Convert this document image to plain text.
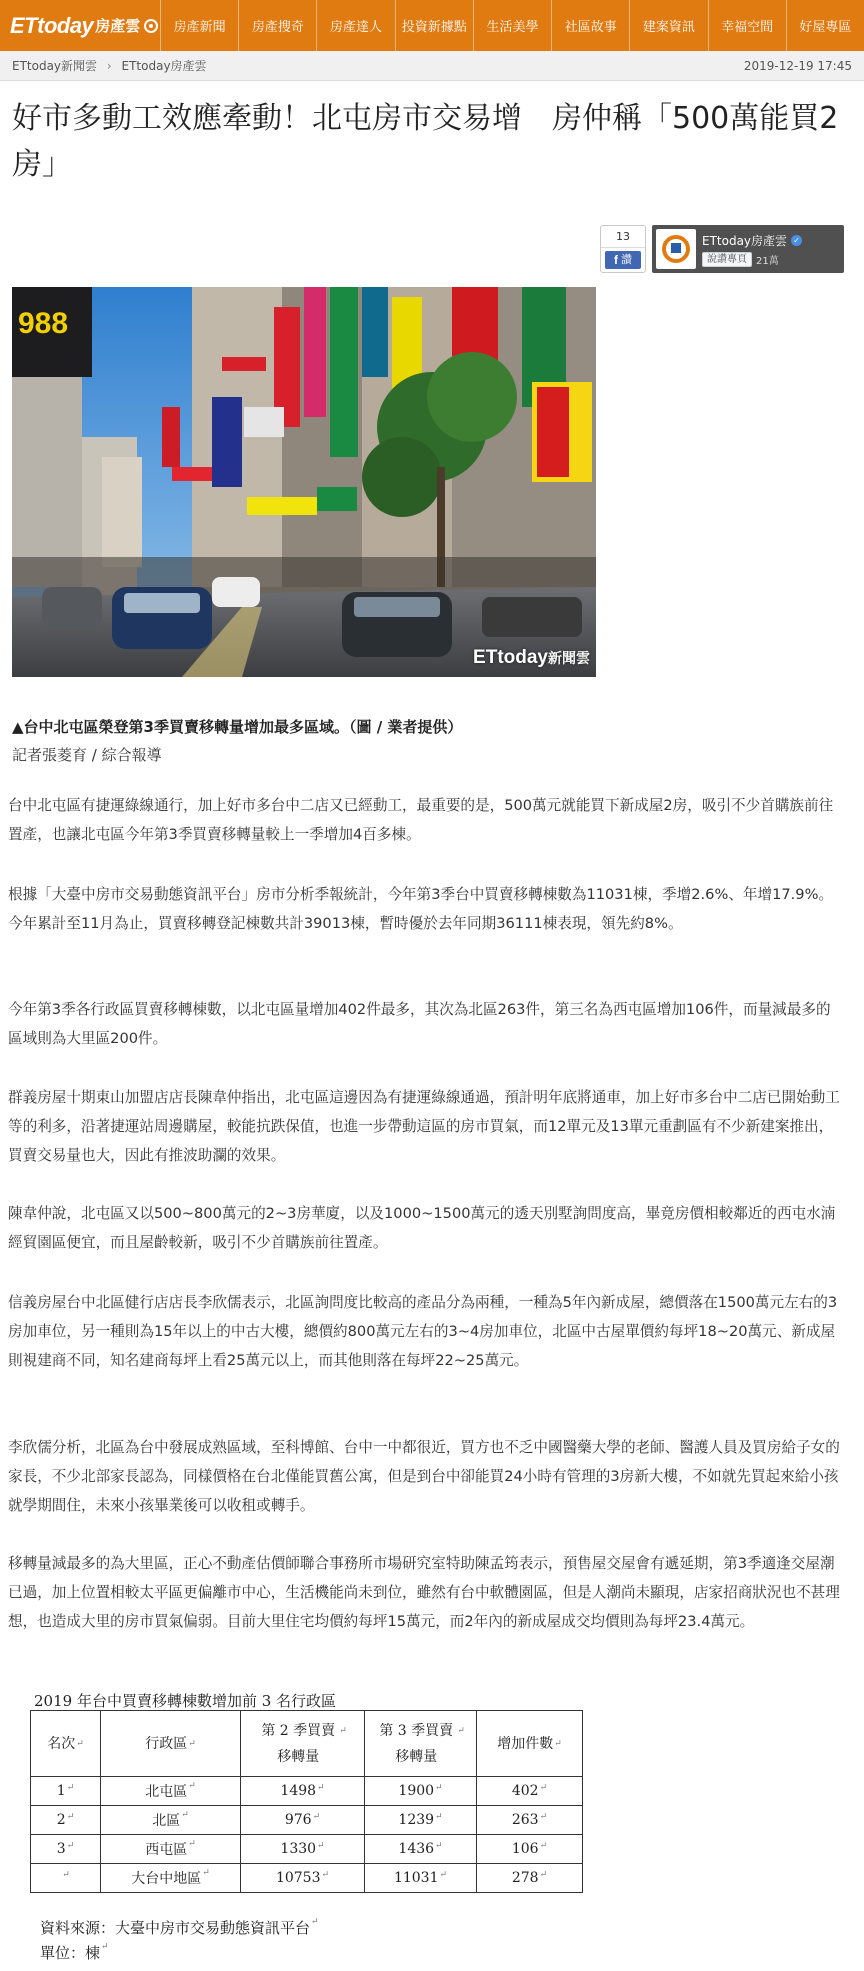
ETtoday 房產雲	房產新聞	房產搜奇	房產達人	投資新據點	生活美學	社區故事	建案資訊	幸福空間	好屋專區
ETtoday新聞雲 › ETtoday房產雲	2019-12-19 17:45
好市多動工效應牽動！北屯房市交易增　房仲稱「500萬能買2房」
13
f 讚
ETtoday房產雲 ✓
說讚專頁 21萬
988
ETtoday新聞雲
▲台中北屯區榮登第3季買賣移轉量增加最多區域。（圖 / 業者提供）
記者張菱育 / 綜合報導

台中北屯區有捷運綠線通行，加上好市多台中二店又已經動工，最重要的是，500萬元就能買下新成屋2房，吸引不少首購族前往置產，也讓北屯區今年第3季買賣移轉量較上一季增加4百多棟。

根據「大臺中房市交易動態資訊平台」房市分析季報統計，今年第3季台中買賣移轉棟數為11031棟，季增2.6%、年增17.9%。今年累計至11月為止，買賣移轉登記棟數共計39013棟，暫時優於去年同期36111棟表現，領先約8%。

今年第3季各行政區買賣移轉棟數，以北屯區量增加402件最多，其次為北區263件，第三名為西屯區增加106件，而量減最多的區域則為大里區200件。

群義房屋十期東山加盟店店長陳韋仲指出，北屯區這邊因為有捷運綠線通過，預計明年底將通車，加上好市多台中二店已開始動工等的利多，沿著捷運站周邊購屋，較能抗跌保值，也進一步帶動這區的房市買氣，而12單元及13單元重劃區有不少新建案推出，買賣交易量也大，因此有推波助瀾的效果。

陳韋仲說，北屯區又以500~800萬元的2~3房華廈，以及1000~1500萬元的透天別墅詢問度高，畢竟房價相較鄰近的西屯水湳經貿園區便宜，而且屋齡較新，吸引不少首購族前往置產。

信義房屋台中北區健行店店長李欣儒表示，北區詢問度比較高的產品分為兩種，一種為5年內新成屋，總價落在1500萬元左右的3房加車位，另一種則為15年以上的中古大樓，總價約800萬元左右的3~4房加車位，北區中古屋單價約每坪18~20萬元、新成屋則視建商不同，知名建商每坪上看25萬元以上，而其他則落在每坪22~25萬元。

李欣儒分析，北區為台中發展成熟區域，至科博館、台中一中都很近，買方也不乏中國醫藥大學的老師、醫護人員及買房給子女的家長，不少北部家長認為，同樣價格在台北僅能買舊公寓，但是到台中卻能買24小時有管理的3房新大樓，不如就先買起來給小孩就學期間住，未來小孩畢業後可以收租或轉手。

移轉量減最多的為大里區，正心不動產估價師聯合事務所市場研究室特助陳孟筠表示，預售屋交屋會有遞延期，第3季適逢交屋潮已過，加上位置相較太平區更偏離市中心，生活機能尚未到位，雖然有台中軟體園區，但是人潮尚未顯現，店家招商狀況也不甚理想，也造成大里的房市買氣偏弱。目前大里住宅均價約每坪15萬元，而2年內的新成屋成交均價則為每坪23.4萬元。

2019 年台中買賣移轉棟數增加前 3 名行政區
名次↵	行政區↵	第 2 季買賣移轉量↵	第 3 季買賣移轉量↵	增加件數↵
1↵	北屯區↵	1498↵	1900↵	402↵
2↵	北區↵	976↵	1239↵	263↵
3↵	西屯區↵	1330↵	1436↵	106↵
↵	大台中地區↵	10753↵	11031↵	278↵
資料來源：大臺中房市交易動態資訊平台↵
單位：棟↵
